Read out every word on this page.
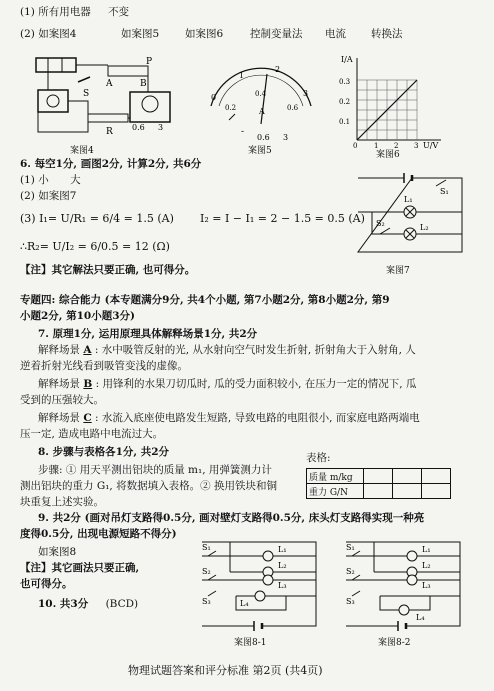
(1) 所有用电器 不变
(2) 如案图4	如案图5 如案图6	控制变量法 电流 转换法
S
A	B
R 0.6 3
P
案图4
0
1
2
3
0.2
0.4
0.6
A
-
0.6 3
案图5
I/A
U/V
0.3
0.2
0.1
0 1 2 3
案图6
6. 每空1分, 画图2分, 计算2分, 共6分
(1) 小 大
(2) 如案图7
(3) I₁= U/R₁ = 6/4 = 1.5 (A) I₂ = I − I₁ = 2 − 1.5 = 0.5 (A)
∴R₂= U/I₂ = 6/0.5 = 12 (Ω)
【注】其它解法只要正确, 也可得分。
S₁
L₁
S₂	L₂
案图7
专题四: 综合能力 (本专题满分9分, 共4个小题, 第7小题2分, 第8小题2分, 第9
小题2分, 第10小题3分)
7. 原理1分, 运用原理具体解释场景1分, 共2分
解释场景 A : 水中吸管反射的光, 从水射向空气时发生折射, 折射角大于入射角, 人
逆着折射光线看到吸管变浅的虚像。
解释场景 B : 用锋利的水果刀切瓜时, 瓜的受力面积较小, 在压力一定的情况下, 瓜
受到的压强较大。
解释场景 C : 水流入底座使电路发生短路, 导致电路的电阻很小, 而家庭电路两端电
压一定, 造成电路中电流过大。
8. 步骤与表格各1分, 共2分
步骤: ① 用天平测出铝块的质量 m₁, 用弹簧测力计
测出铝块的重力 G₁, 将数据填入表格。② 换用铁块和铜
块重复上述实验。
表格:
质量 m/kg			
重力 G/N			
9. 共2分 (画对吊灯支路得0.5分, 画对壁灯支路得0.5分, 床头灯支路得实现一种亮
度得0.5分, 出现电源短路不得分)
如案图8
【注】其它画法只要正确,
也可得分。
S₁
S₂
S₃
L₁
L₂
L₃
L₄
案图8-1
S₁
S₂
S₃
L₁
L₂
L₃
L₄
案图8-2
10. 共3分 (BCD)
物理试题答案和评分标准 第2页 (共4页)
